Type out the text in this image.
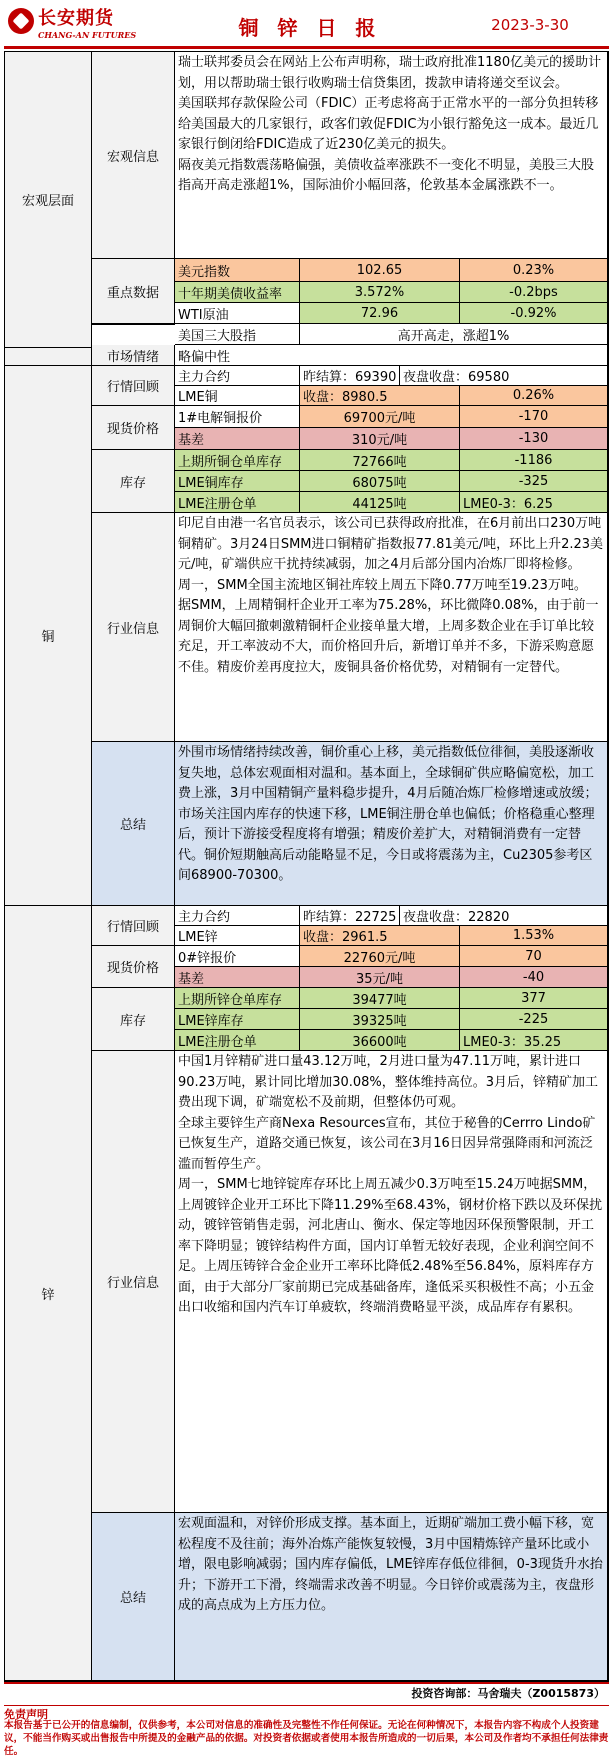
长安期货
CHANG-AN FUTURES	铜 锌 日 报	2023-3-30
宏观层面
宏观信息
瑞士联邦委员会在网站上公布声明称，瑞士政府批准1180亿美元的援助计划，用以帮助瑞士银行收购瑞士信贷集团，拨款申请将递交至议会。
美国联邦存款保险公司（FDIC）正考虑将高于正常水平的一部分负担转移给美国最大的几家银行，政客们敦促FDIC为小银行豁免这一成本。最近几家银行倒闭给FDIC造成了近230亿美元的损失。
隔夜美元指数震荡略偏强，美债收益率涨跌不一变化不明显，美股三大股指高开高走涨超1%，国际油价小幅回落，伦敦基本金属涨跌不一。
重点数据
美元指数	102.65	0.23%
十年期美债收益率	3.572%	-0.2bps
WTI原油	72.96	-0.92%
美国三大股指	高开高走，涨超1%
市场情绪	略偏中性
铜
行情回顾
主力合约	昨结算：69390 夜盘收盘：69580
LME铜	收盘：8980.5	0.26%
现货价格
1#电解铜报价	69700元/吨	-170
基差	310元/吨	-130
库存
上期所铜仓单库存	72766吨	-1186
LME铜库存	68075吨	-325
LME注册仓单	44125吨	LME0-3：6.25
行业信息
印尼自由港一名官员表示，该公司已获得政府批准，在6月前出口230万吨铜精矿。3月24日SMM进口铜精矿指数报77.81美元/吨，环比上升2.23美元/吨，矿端供应干扰持续减弱，加之4月后部分国内冶炼厂即将检修。
周一，SMM全国主流地区铜社库较上周五下降0.77万吨至19.23万吨。
据SMM，上周精铜杆企业开工率为75.28%，环比微降0.08%，由于前一周铜价大幅回撤刺激精铜杆企业接单量大增，上周多数企业在手订单比较充足，开工率波动不大，而价格回升后，新增订单并不多，下游采购意愿不佳。精废价差再度拉大，废铜具备价格优势，对精铜有一定替代。
总结
外围市场情绪持续改善，铜价重心上移，美元指数低位徘徊，美股逐渐收复失地，总体宏观面相对温和。基本面上，全球铜矿供应略偏宽松，加工费上涨，3月中国精铜产量料稳步提升，4月后随冶炼厂检修增速或放缓；市场关注国内库存的快速下移，LME铜注册仓单也偏低；价格稳重心整理后，预计下游接受程度将有增强；精废价差扩大，对精铜消费有一定替代。铜价短期触高后动能略显不足，今日或将震荡为主，Cu2305参考区间68900-70300。
锌
行情回顾
主力合约	昨结算：22725 夜盘收盘：22820
LME锌	收盘：2961.5	1.53%
现货价格
0#锌报价	22760元/吨	70
基差	35元/吨	-40
库存
上期所锌仓单库存	39477吨	377
LME锌库存	39325吨	-225
LME注册仓单	36600吨	LME0-3：35.25
行业信息
中国1月锌精矿进口量43.12万吨，2月进口量为47.11万吨，累计进口90.23万吨，累计同比增加30.08%，整体维持高位。3月后，锌精矿加工费出现下调，矿端宽松不及前期，但整体仍可观。
全球主要锌生产商Nexa Resources宣布，其位于秘鲁的Cerrro Lindo矿已恢复生产，道路交通已恢复，该公司在3月16日因异常强降雨和河流泛滥而暂停生产。
周一，SMM七地锌锭库存环比上周五减少0.3万吨至15.24万吨据SMM，上周镀锌企业开工环比下降11.29%至68.43%，钢材价格下跌以及环保扰动，镀锌管销售走弱，河北唐山、衡水、保定等地因环保预警限制，开工率下降明显；镀锌结构件方面，国内订单暂无较好表现，企业利润空间不足。上周压铸锌合金企业开工率环比降低2.48%至56.84%，原料库存方面，由于大部分厂家前期已完成基础备库，逢低采买积极性不高；小五金出口收缩和国内汽车订单疲软，终端消费略显平淡，成品库存有累积。
总结
宏观面温和，对锌价形成支撑。基本面上，近期矿端加工费小幅下移，宽松程度不及往前；海外冶炼产能恢复较慢，3月中国精炼锌产量环比或小增，限电影响减弱；国内库存偏低，LME锌库存低位徘徊，0-3现货升水抬升；下游开工下滑，终端需求改善不明显。今日锌价或震荡为主，夜盘形成的高点成为上方压力位。
投资咨询部：马舍瑞夫（Z0015873）
免责声明
本报告基于已公开的信息编制，仅供参考，本公司对信息的准确性及完整性不作任何保证。无论在何种情况下，本报告内容不构成个人投资建议，不能当作购买或出售报告中所提及的金融产品的依据。对投资者依据或者使用本报告所造成的一切后果，本公司及作者均不承担任何法律责任。
